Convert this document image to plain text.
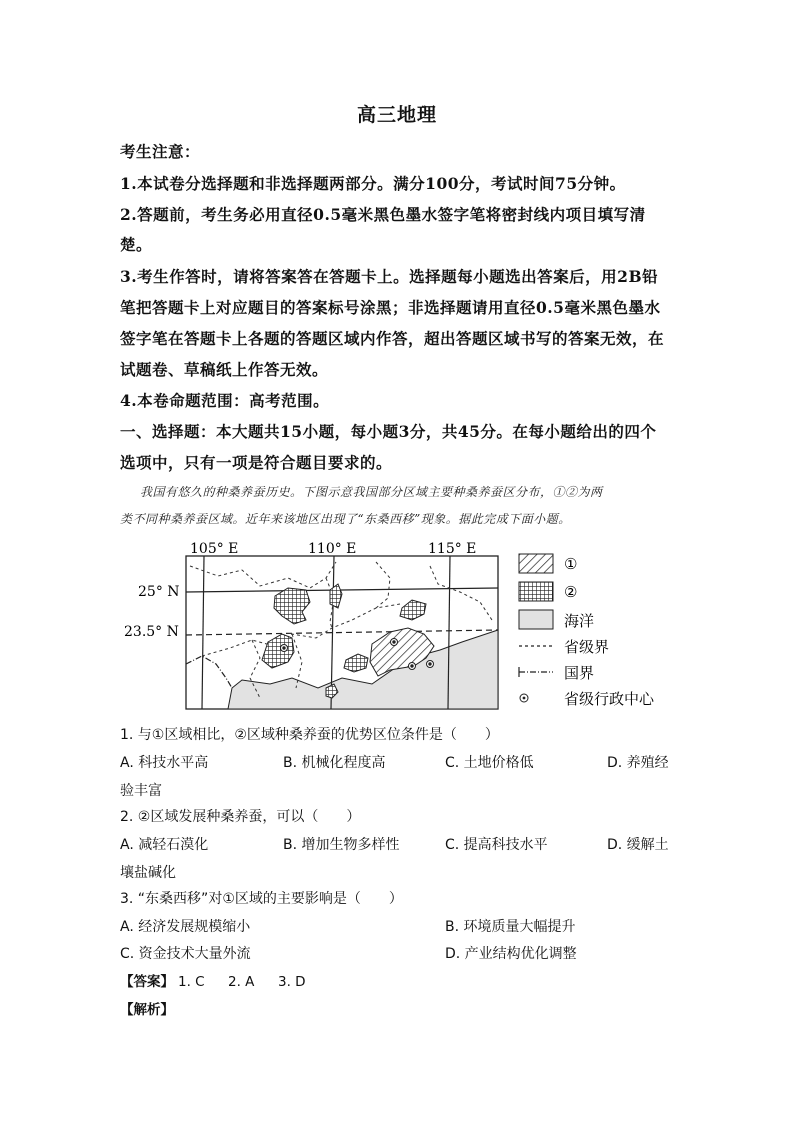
高三地理
考生注意：
1.本试卷分选择题和非选择题两部分。满分100分，考试时间75分钟。
2.答题前，考生务必用直径0.5毫米黑色墨水签字笔将密封线内项目填写清
楚。
3.考生作答时，请将答案答在答题卡上。选择题每小题选出答案后，用2B铅
笔把答题卡上对应题目的答案标号涂黑；非选择题请用直径0.5毫米黑色墨水
签字笔在答题卡上各题的答题区域内作答，超出答题区域书写的答案无效，在
试题卷、草稿纸上作答无效。
4.本卷命题范围：高考范围。
一、选择题：本大题共15小题，每小题3分，共45分。在每小题给出的四个
选项中，只有一项是符合题目要求的。
我国有悠久的种桑养蚕历史。下图示意我国部分区域主要种桑养蚕区分布，①②为两
类不同种桑养蚕区域。近年来该地区出现了“东桑西移”现象。据此完成下面小题。
105° E	110° E	115° E
25° N
23.5° N
①
②
海洋
省级界
国界
省级行政中心
1. 与①区域相比，②区域种桑养蚕的优势区位条件是（　　）
A. 科技水平高	B. 机械化程度高	C. 土地价格低	D. 养殖经
验丰富
2. ②区域发展种桑养蚕，可以（　　）
A. 减轻石漠化	B. 增加生物多样性	C. 提高科技水平	D. 缓解土
壤盐碱化
3. “东桑西移”对①区域的主要影响是（　　）
A. 经济发展规模缩小	B. 环境质量大幅提升
C. 资金技术大量外流	D. 产业结构优化调整
【答案】 1. C 2. A 3. D
【解析】
